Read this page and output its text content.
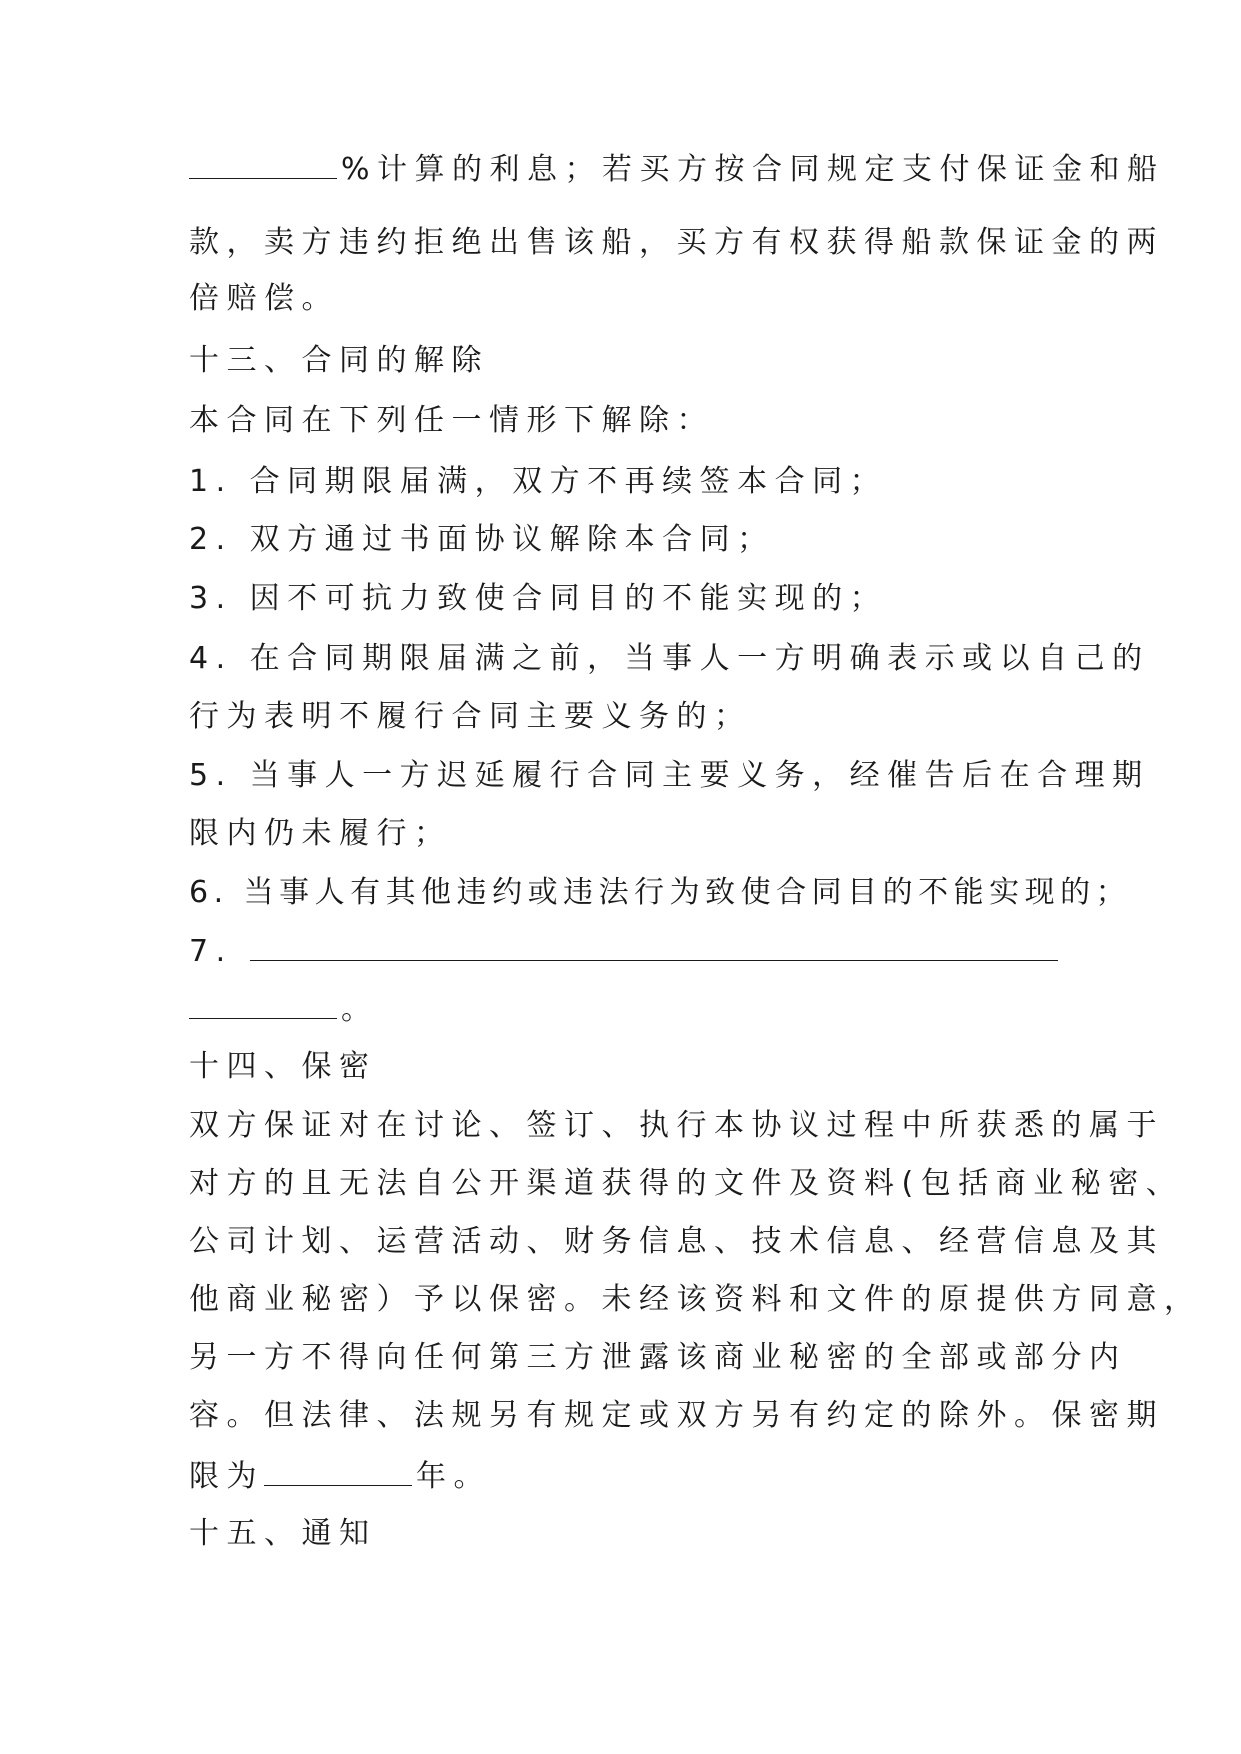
%计算的利息；若买方按合同规定支付保证金和船
款，卖方违约拒绝出售该船，买方有权获得船款保证金的两
倍赔偿。
十三、合同的解除
本合同在下列任一情形下解除：
1. 合同期限届满，双方不再续签本合同；
2. 双方通过书面协议解除本合同；
3. 因不可抗力致使合同目的不能实现的；
4. 在合同期限届满之前，当事人一方明确表示或以自己的
行为表明不履行合同主要义务的；
5. 当事人一方迟延履行合同主要义务，经催告后在合理期
限内仍未履行；
6. 当事人有其他违约或违法行为致使合同目的不能实现的；
7.
。
十四、保密
双方保证对在讨论、签订、执行本协议过程中所获悉的属于
对方的且无法自公开渠道获得的文件及资料(包括商业秘密、
公司计划、运营活动、财务信息、技术信息、经营信息及其
他商业秘密）予以保密。未经该资料和文件的原提供方同意，
另一方不得向任何第三方泄露该商业秘密的全部或部分内
容。但法律、法规另有规定或双方另有约定的除外。保密期
限为	年。
十五、通知
